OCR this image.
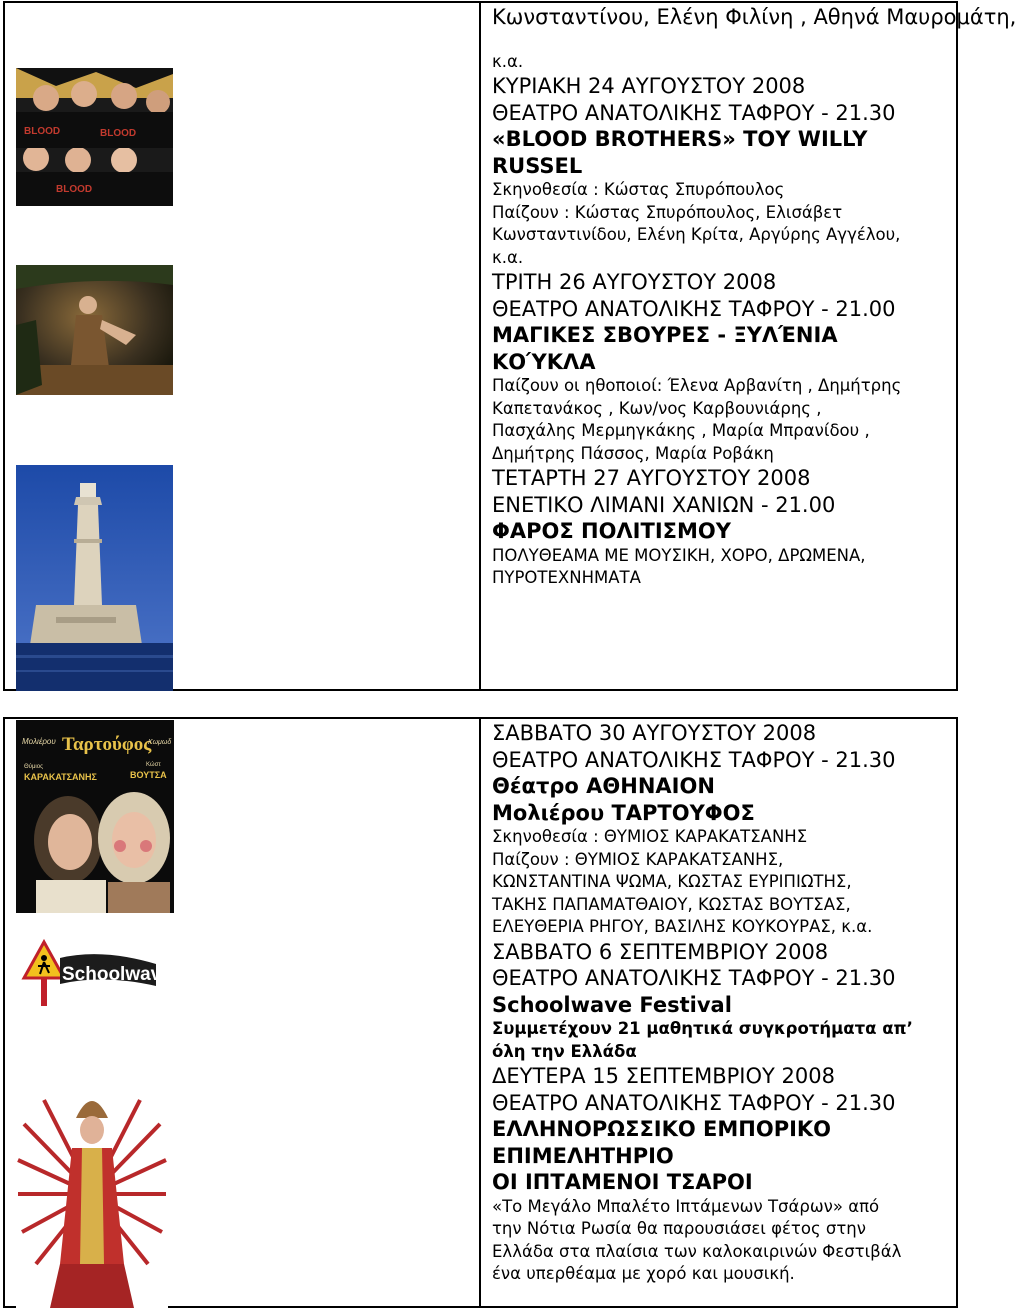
BLOOD	BLOOD
BLOOD
Κωνσταντίνου, Ελένη Φιλίνη , Αθηνά Μαυρομάτη,
κ.α.
ΚΥΡΙΑΚΗ 24 ΑΥΓΟΥΣΤΟΥ 2008
ΘΕΑΤΡΟ ΑΝΑΤΟΛΙΚΗΣ ΤΑΦΡΟΥ - 21.30
«BLOOD BROTHERS» ΤΟΥ WILLY
RUSSEL
Σκηνοθεσία : Κώστας Σπυρόπουλος
Παίζουν : Κώστας Σπυρόπουλος, Ελισάβετ
Κωνσταντινίδου, Ελένη Κρίτα, Αργύρης Αγγέλου,
κ.α.
ΤΡΙΤΗ 26 ΑΥΓΟΥΣΤΟΥ 2008
ΘΕΑΤΡΟ ΑΝΑΤΟΛΙΚΗΣ ΤΑΦΡΟΥ - 21.00
ΜΑΓΙΚΕΣ ΣΒΟΥΡΕΣ - ΞΥΛΈΝΙΑ
ΚΟΎΚΛΑ
Παίζουν οι ηθοποιοί: Έλενα Αρβανίτη , Δημήτρης
Καπετανάκος , Κων/νος Καρβουνιάρης ,
Πασχάλης Μερμηγκάκης , Μαρία Μπρανίδου ,
Δημήτρης Πάσσος, Μαρία Ροβάκη
ΤΕΤΑΡΤΗ 27 ΑΥΓΟΥΣΤΟΥ 2008
ΕΝΕΤΙΚΟ ΛΙΜΑΝΙ ΧΑΝΙΩΝ - 21.00
ΦΑΡΟΣ ΠΟΛΙΤΙΣΜΟΥ
ΠΟΛΥΘΕΑΜΑ ΜΕ ΜΟΥΣΙΚΗ, ΧΟΡΟ, ΔΡΩΜΕΝΑ,
ΠΥΡΟΤΕΧΝΗΜΑΤΑ
Μολιέρου Ταρτούφος
Κωμωδ
Θύμιος
ΚΑΡΑΚΑΤΣΑΝΗΣ
Κώστ
ΒΟΥΤΣΑ
Schoolwave
ΣΑΒΒΑΤΟ 30 ΑΥΓΟΥΣΤΟΥ 2008
ΘΕΑΤΡΟ ΑΝΑΤΟΛΙΚΗΣ ΤΑΦΡΟΥ - 21.30
Θέατρο ΑΘΗΝΑΙΟΝ
Μολιέρου ΤΑΡΤΟΥΦΟΣ
Σκηνοθεσία : ΘΥΜΙΟΣ ΚΑΡΑΚΑΤΣΑΝΗΣ
Παίζουν : ΘΥΜΙΟΣ ΚΑΡΑΚΑΤΣΑΝΗΣ,
ΚΩΝΣΤΑΝΤΙΝΑ ΨΩΜΑ, ΚΩΣΤΑΣ ΕΥΡΙΠΙΩΤΗΣ,
ΤΑΚΗΣ ΠΑΠΑΜΑΤΘΑΙΟΥ, ΚΩΣΤΑΣ ΒΟΥΤΣΑΣ,
ΕΛΕΥΘΕΡΙΑ ΡΗΓΟΥ, ΒΑΣΙΛΗΣ ΚΟΥΚΟΥΡΑΣ, κ.α.
ΣΑΒΒΑΤΟ 6 ΣΕΠΤΕΜΒΡΙΟΥ 2008
ΘΕΑΤΡΟ ΑΝΑΤΟΛΙΚΗΣ ΤΑΦΡΟΥ - 21.30
Schoolwave Festival
Συμμετέχουν 21 μαθητικά συγκροτήματα απ’
όλη την Ελλάδα
ΔΕΥΤΕΡΑ 15 ΣΕΠΤΕΜΒΡΙΟΥ 2008
ΘΕΑΤΡΟ ΑΝΑΤΟΛΙΚΗΣ ΤΑΦΡΟΥ - 21.30
ΕΛΛΗΝΟΡΩΣΣΙΚΟ ΕΜΠΟΡΙΚΟ
ΕΠΙΜΕΛΗΤΗΡΙΟ
ΟΙ ΙΠΤΑΜΕΝΟΙ ΤΣΑΡΟΙ
«Το Μεγάλο Μπαλέτο Ιπτάμενων Τσάρων» από
την Νότια Ρωσία θα παρουσιάσει φέτος στην
Ελλάδα στα πλαίσια των καλοκαιρινών Φεστιβάλ
ένα υπερθέαμα με χορό και μουσική.
